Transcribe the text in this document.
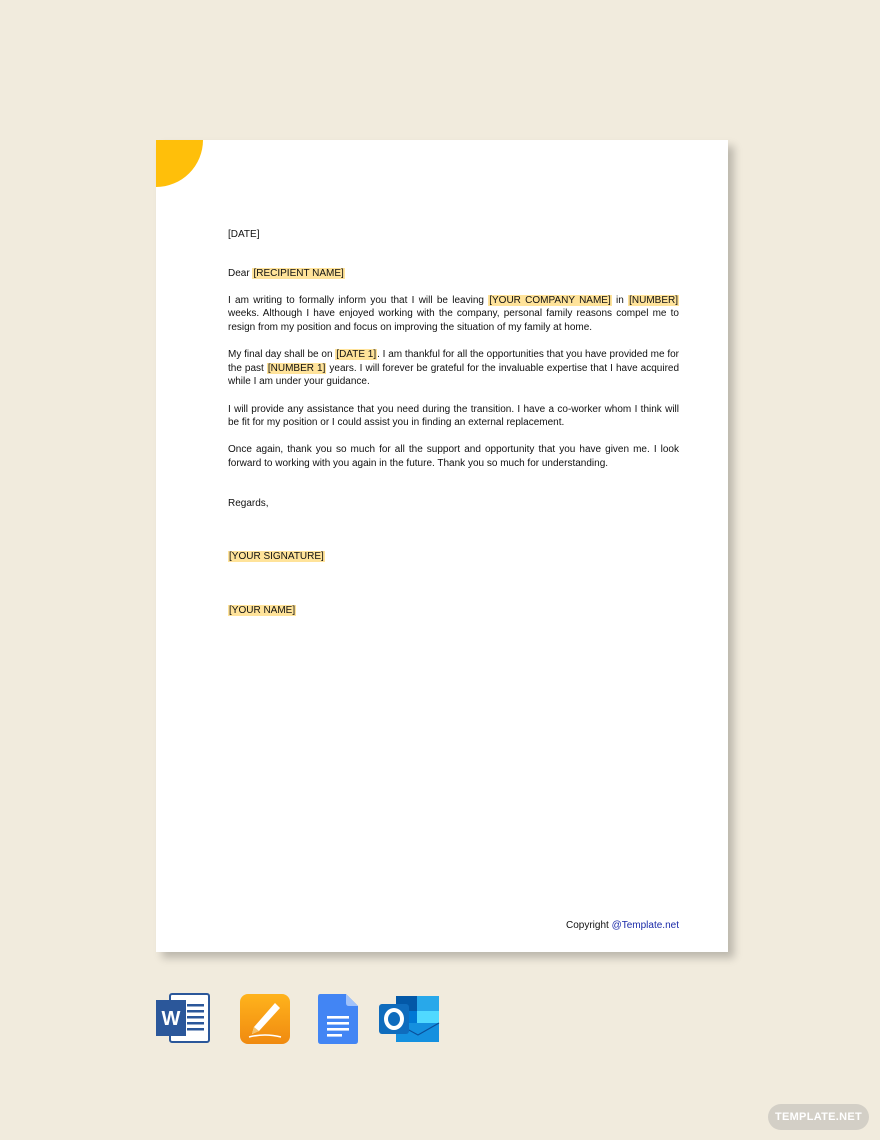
[DATE]

Dear [RECIPIENT NAME]

I am writing to formally inform you that I will be leaving [YOUR COMPANY NAME] in [NUMBER] weeks. Although I have enjoyed working with the company, personal family reasons compel me to resign from my position and focus on improving the situation of my family at home.

My final day shall be on [DATE 1]. I am thankful for all the opportunities that you have provided me for the past [NUMBER 1] years. I will forever be grateful for the invaluable expertise that I have acquired while I am under your guidance.

I will provide any assistance that you need during the transition. I have a co-worker whom I think will be fit for my position or I could assist you in finding an external replacement.

Once again, thank you so much for all the support and opportunity that you have given me. I look forward to working with you again in the future. Thank you so much for understanding.

Regards,

[YOUR SIGNATURE]

[YOUR NAME]

Copyright @Template.net
W
TEMPLATE.NET
